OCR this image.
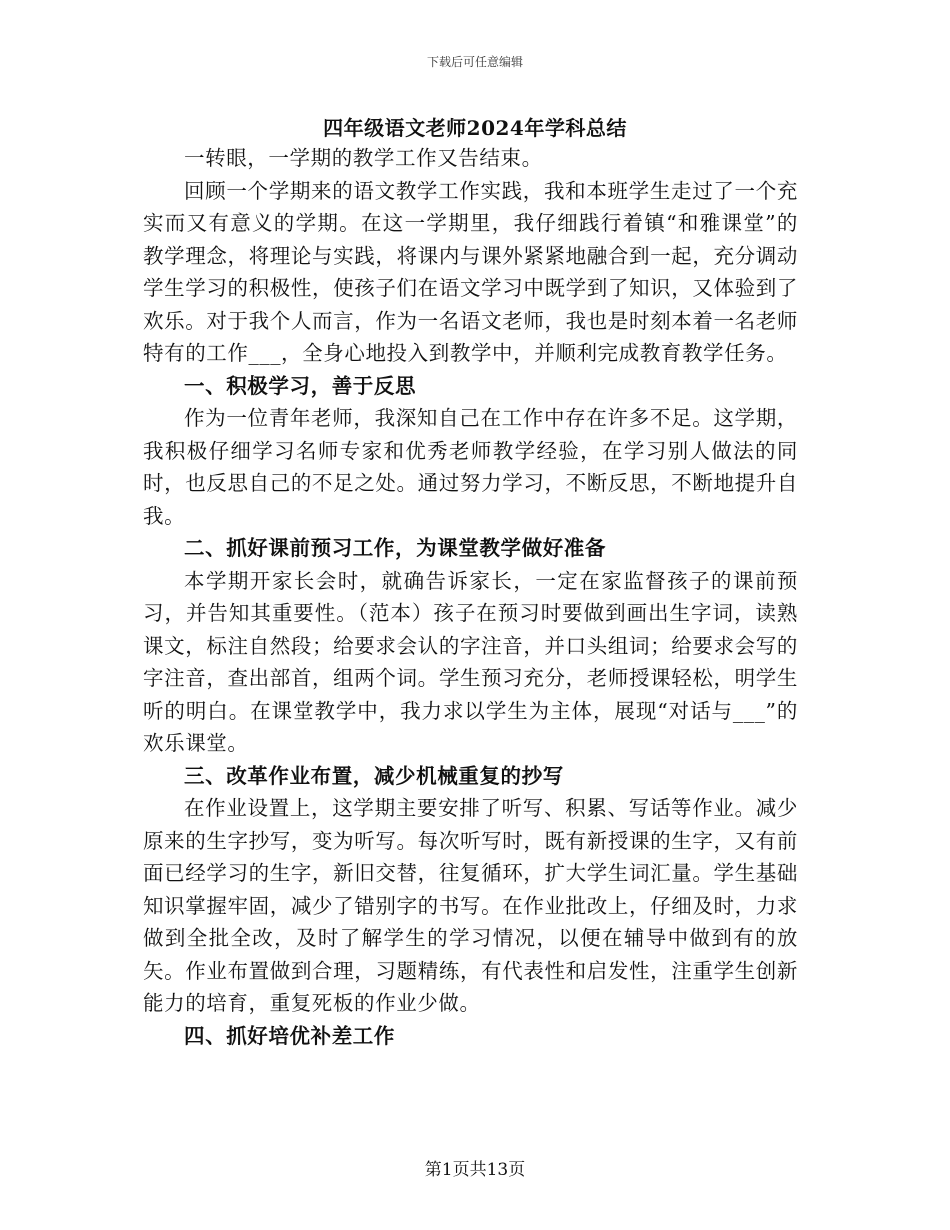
下载后可任意编辑
四年级语文老师2024年学科总结

一转眼，一学期的教学工作又告结束。

回顾一个学期来的语文教学工作实践，我和本班学生走过了一个充实而又有意义的学期。在这一学期里，我仔细践行着镇“和雅课堂”的教学理念，将理论与实践，将课内与课外紧紧地融合到一起，充分调动学生学习的积极性，使孩子们在语文学习中既学到了知识，又体验到了欢乐。对于我个人而言，作为一名语文老师，我也是时刻本着一名老师特有的工作___，全身心地投入到教学中，并顺利完成教育教学任务。

一、积极学习，善于反思

作为一位青年老师，我深知自己在工作中存在许多不足。这学期，我积极仔细学习名师专家和优秀老师教学经验，在学习别人做法的同时，也反思自己的不足之处。通过努力学习，不断反思，不断地提升自我。

二、抓好课前预习工作，为课堂教学做好准备

本学期开家长会时，就确告诉家长，一定在家监督孩子的课前预习，并告知其重要性。（范本）孩子在预习时要做到画出生字词，读熟课文，标注自然段；给要求会认的字注音，并口头组词；给要求会写的字注音，查出部首，组两个词。学生预习充分，老师授课轻松，明学生听的明白。在课堂教学中，我力求以学生为主体，展现“对话与___”的欢乐课堂。

三、改革作业布置，减少机械重复的抄写

在作业设置上，这学期主要安排了听写、积累、写话等作业。减少原来的生字抄写，变为听写。每次听写时，既有新授课的生字，又有前面已经学习的生字，新旧交替，往复循环，扩大学生词汇量。学生基础知识掌握牢固，减少了错别字的书写。在作业批改上，仔细及时，力求做到全批全改，及时了解学生的学习情况，以便在辅导中做到有的放矢。作业布置做到合理，习题精练，有代表性和启发性，注重学生创新能力的培育，重复死板的作业少做。

四、抓好培优补差工作

第1页共13页
